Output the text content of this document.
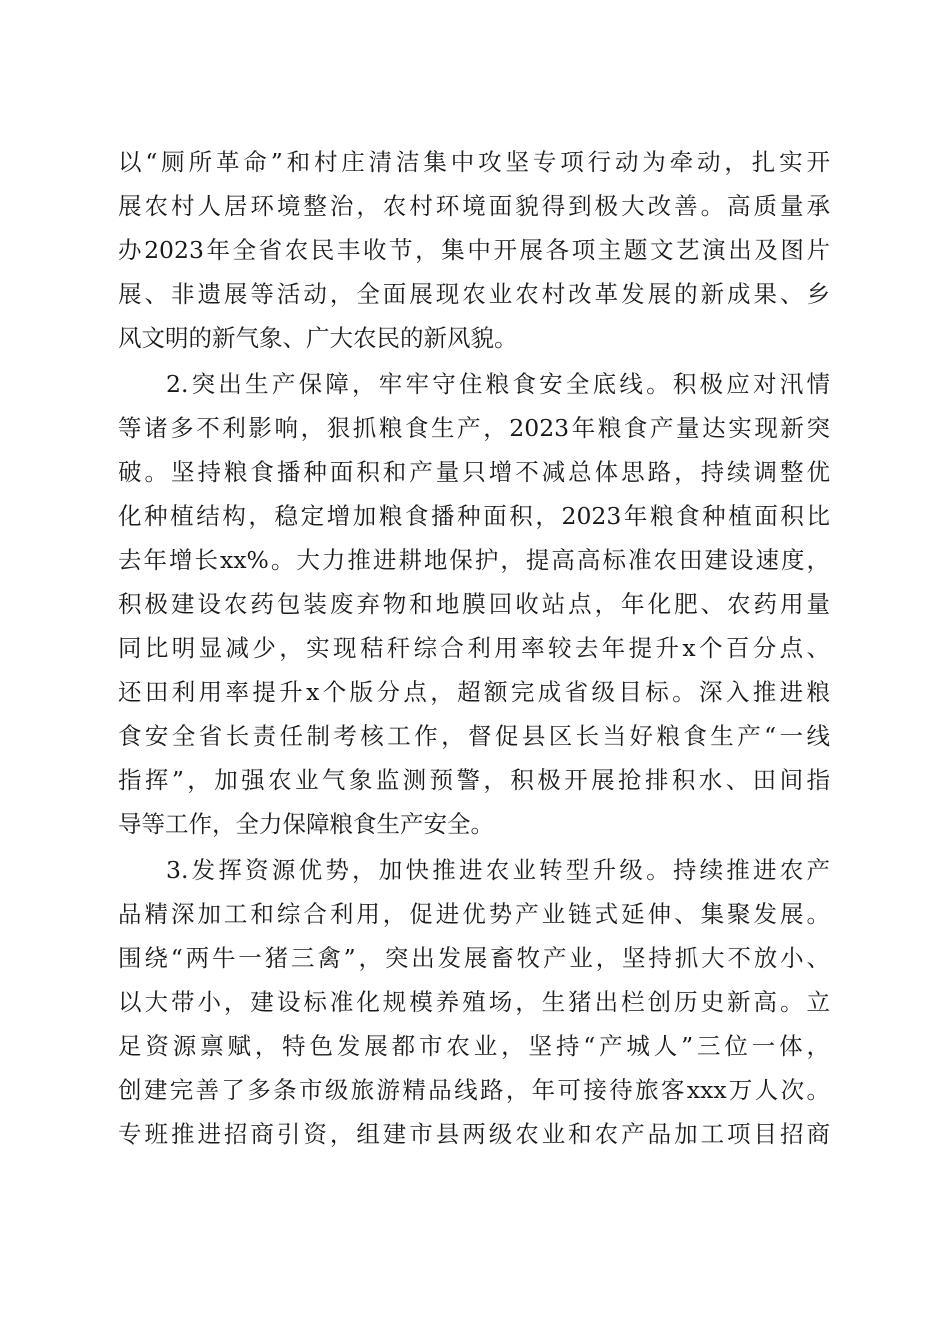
以“厕所革命”和村庄清洁集中攻坚专项行动为牵动，扎实开
展农村人居环境整治，农村环境面貌得到极大改善。高质量承
办2023年全省农民丰收节，集中开展各项主题文艺演出及图片
展、非遗展等活动，全面展现农业农村改革发展的新成果、乡
风文明的新气象、广大农民的新风貌。
2.突出生产保障，牢牢守住粮食安全底线。积极应对汛情
等诸多不利影响，狠抓粮食生产，2023年粮食产量达实现新突
破。坚持粮食播种面积和产量只增不减总体思路，持续调整优
化种植结构，稳定增加粮食播种面积，2023年粮食种植面积比
去年增长xx%。大力推进耕地保护，提高高标准农田建设速度，
积极建设农药包装废弃物和地膜回收站点，年化肥、农药用量
同比明显减少，实现秸秆综合利用率较去年提升x个百分点、
还田利用率提升x个版分点，超额完成省级目标。深入推进粮
食安全省长责任制考核工作，督促县区长当好粮食生产“一线
指挥”，加强农业气象监测预警，积极开展抢排积水、田间指
导等工作，全力保障粮食生产安全。
3.发挥资源优势，加快推进农业转型升级。持续推进农产
品精深加工和综合利用，促进优势产业链式延伸、集聚发展。
围绕“两牛一猪三禽”，突出发展畜牧产业，坚持抓大不放小、
以大带小，建设标准化规模养殖场，生猪出栏创历史新高。立
足资源禀赋，特色发展都市农业，坚持“产城人”三位一体，
创建完善了多条市级旅游精品线路，年可接待旅客xxx万人次。
专班推进招商引资，组建市县两级农业和农产品加工项目招商
